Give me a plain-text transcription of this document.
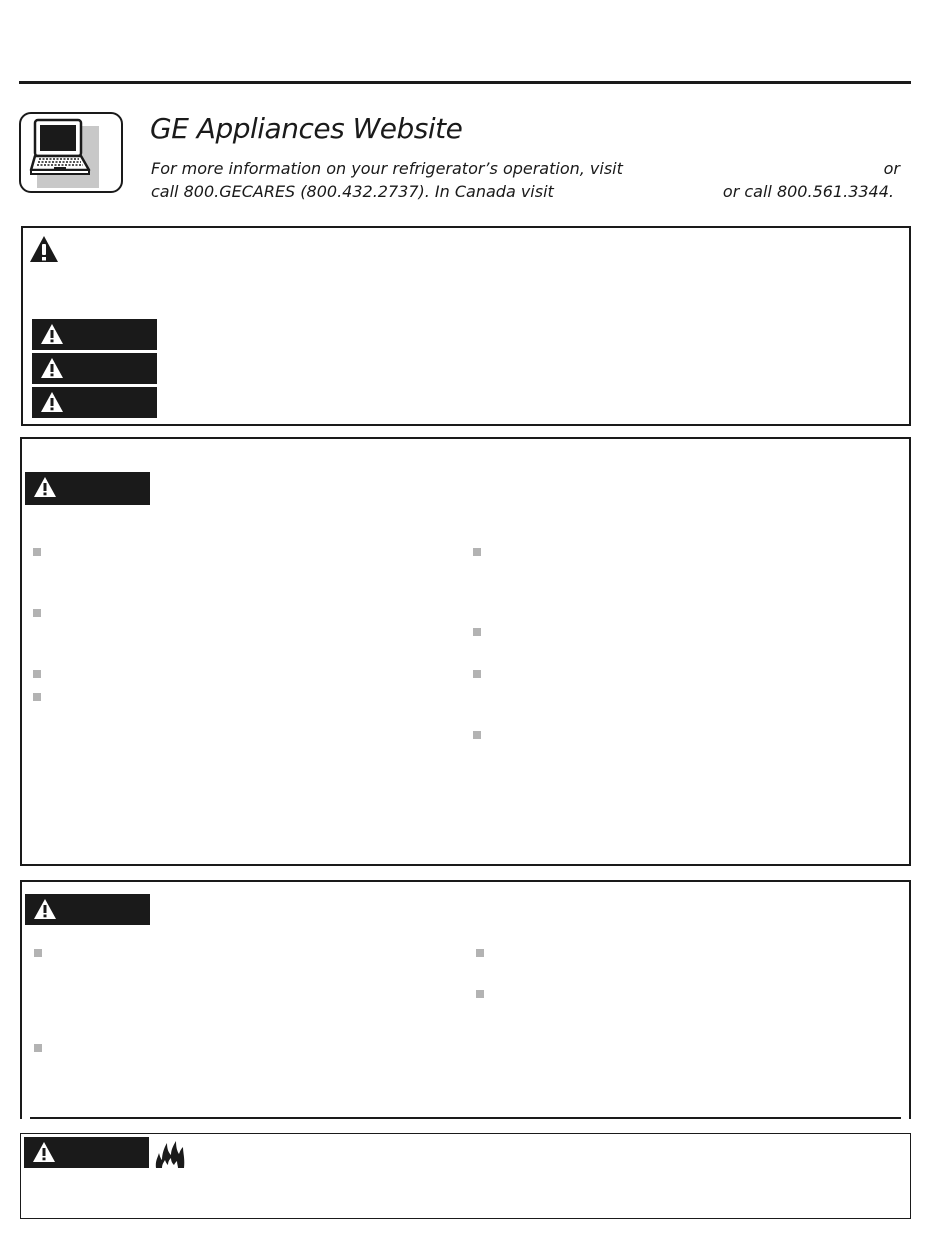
GE Appliances Website
For more information on your refrigerator’s operation, visit	or
call 800.GECARES (800.432.2737). In Canada visit	or call 800.561.3344.
